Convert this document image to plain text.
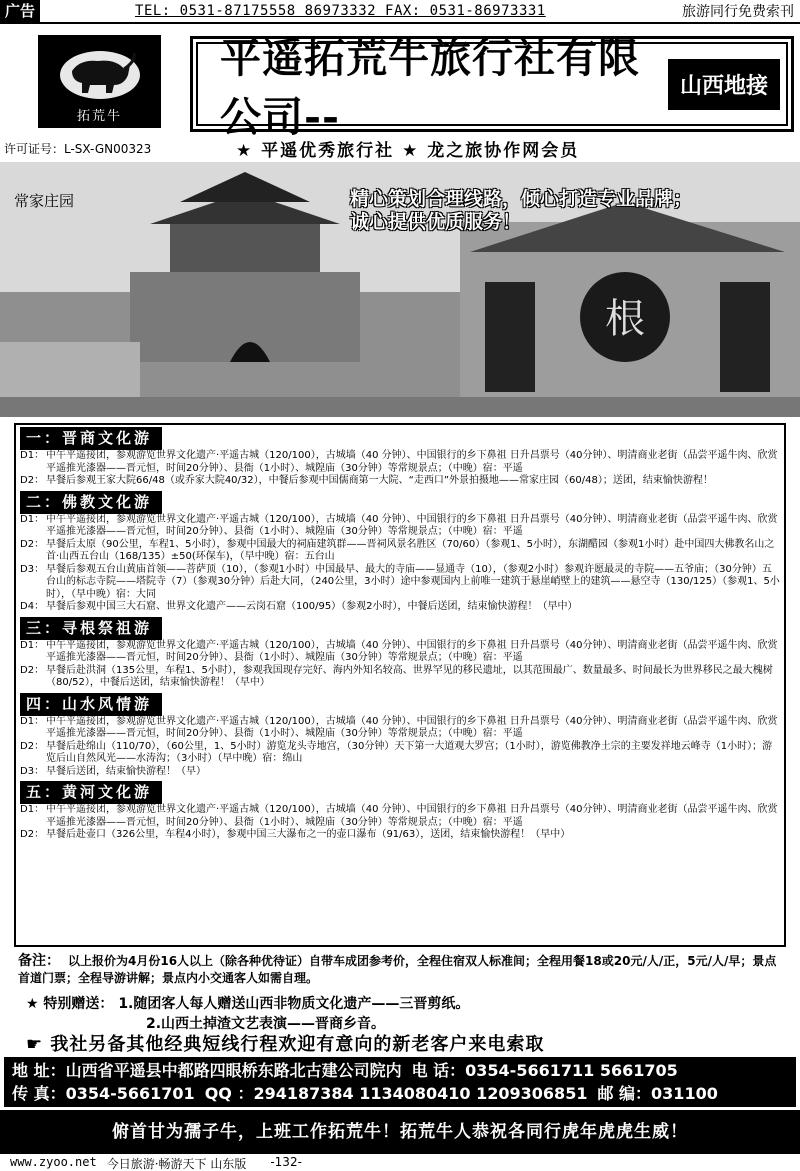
广告	TEL: 0531-87175558 86973332 FAX: 0531-86973331	旅游同行免费索刊
拓荒牛
平遥拓荒牛旅行社有限公司--
山西地接
许可证号：L-SX-GN00323	★ 平遥优秀旅行社 ★ 龙之旅协作网会员
根
常家庄园	精心策划合理线路，倾心打造专业品牌；
诚心提供优质服务！
一：晋商文化游
D1： 中午平遥接团，参观游览世界文化遗产·平遥古城（120/100），古城墙（40 分钟）、中国银行的乡下鼻祖 日升昌票号（40分钟）、明清商业老街（品尝平遥牛肉、欣赏平遥推光漆器——晋元恒，时间20分钟）、县衙（1小时）、城隍庙（30分钟）等常规景点；（中晚）宿：平遥
D2： 早餐后参观王家大院66/48（或乔家大院40/32），中餐后参观中国儒商第一大院、“走西口”外景拍摄地——常家庄园（60/48）；送团，结束愉快游程！
二：佛教文化游
D1： 中午平遥接团，参观游览世界文化遗产·平遥古城（120/100），古城墙（40 分钟）、中国银行的乡下鼻祖 日升昌票号（40分钟）、明清商业老街（品尝平遥牛肉、欣赏平遥推光漆器——晋元恒，时间20分钟）、县衙（1小时）、城隍庙（30分钟）等常规景点；（中晚）宿：平遥
D2： 早餐后太原（90公里，车程1、5小时），参观中国最大的祠庙建筑群——晋祠风景名胜区（70/60）（参观1、5小时），东湖醋园（参观1小时）赴中国四大佛教名山之首·山西五台山（168/135）±50(环保车)，（早中晚）宿：五台山
D3： 早餐后参观五台山黄庙首领——菩萨顶（10），（参观1小时）中国最早、最大的寺庙——显通寺（10），（参观2小时）参观许愿最灵的寺院——五爷庙；（30分钟）五台山的标志寺院——塔院寺（7）（参观30分钟）后赴大同，（240公里，3小时）途中参观国内上前唯一建筑于悬崖峭壁上的建筑——悬空寺（130/125）（参观1、5小时），（早中晚）宿：大同
D4： 早餐后参观中国三大石窟、世界文化遗产——云岗石窟（100/95）（参观2小时），中餐后送团，结束愉快游程！（早中）
三：寻根祭祖游
D1： 中午平遥接团，参观游览世界文化遗产·平遥古城（120/100），古城墙（40 分钟）、中国银行的乡下鼻祖 日升昌票号（40分钟）、明清商业老街（品尝平遥牛肉、欣赏平遥推光漆器——晋元恒，时间20分钟）、县衙（1小时）、城隍庙（30分钟）等常规景点；（中晚）宿：平遥
D2： 早餐后赴洪洞（135公里，车程1、5小时），参观我国现存完好、海内外知名较高、世界罕见的移民遗址，以其范围最广、数量最多、时间最长为世界移民之最大槐树（80/52），中餐后送团，结束愉快游程！（早中）
四：山水风情游
D1： 中午平遥接团，参观游览世界文化遗产·平遥古城（120/100），古城墙（40 分钟）、中国银行的乡下鼻祖 日升昌票号（40分钟）、明清商业老街（品尝平遥牛肉、欣赏平遥推光漆器——晋元恒，时间20分钟）、县衙（1小时）、城隍庙（30分钟）等常规景点；（中晚）宿：平遥
D2： 早餐后赴绵山（110/70），（60公里，1、5小时）游览龙头寺地宫，（30分钟）天下第一大道观大罗宫；（1小时），游览佛教净土宗的主要发祥地云峰寺（1小时）；游览后山自然风光——水涛沟；（3小时）（早中晚）宿：绵山
D3： 早餐后送团，结束愉快游程！（早）
五：黄河文化游
D1： 中午平遥接团，参观游览世界文化遗产·平遥古城（120/100），古城墙（40 分钟）、中国银行的乡下鼻祖 日升昌票号（40分钟）、明清商业老街（品尝平遥牛肉、欣赏平遥推光漆器——晋元恒，时间20分钟）、县衙（1小时）、城隍庙（30分钟）等常规景点；（中晚）宿：平遥
D2： 早餐后赴壶口（326公里，车程4小时），参观中国三大瀑布之一的壶口瀑布（91/63），送团，结束愉快游程！（早中）
备注： 以上报价为4月份16人以上（除各种优待证）自带车成团参考价，全程住宿双人标准间；全程用餐18或20元/人/正，5元/人/早；景点首道门票；全程导游讲解；景点内小交通客人如需自理。
★ 特别赠送： 1.随团客人每人赠送山西非物质文化遗产——三晋剪纸。
2.山西土掉渣文艺表演——晋商乡音。
☛ 我社另备其他经典短线行程欢迎有意向的新老客户来电索取
地 址：山西省平遥县中都路四眼桥东路北古建公司院内 电 话：0354-5661711 5661705
传 真：0354-5661701 QQ ：294187384 1134080410 1209306851 邮 编：031100
俯首甘为孺子牛，上班工作拓荒牛！拓荒牛人恭祝各同行虎年虎虎生威！
www.zyoo.net 今日旅游·畅游天下 山东版 -132-
